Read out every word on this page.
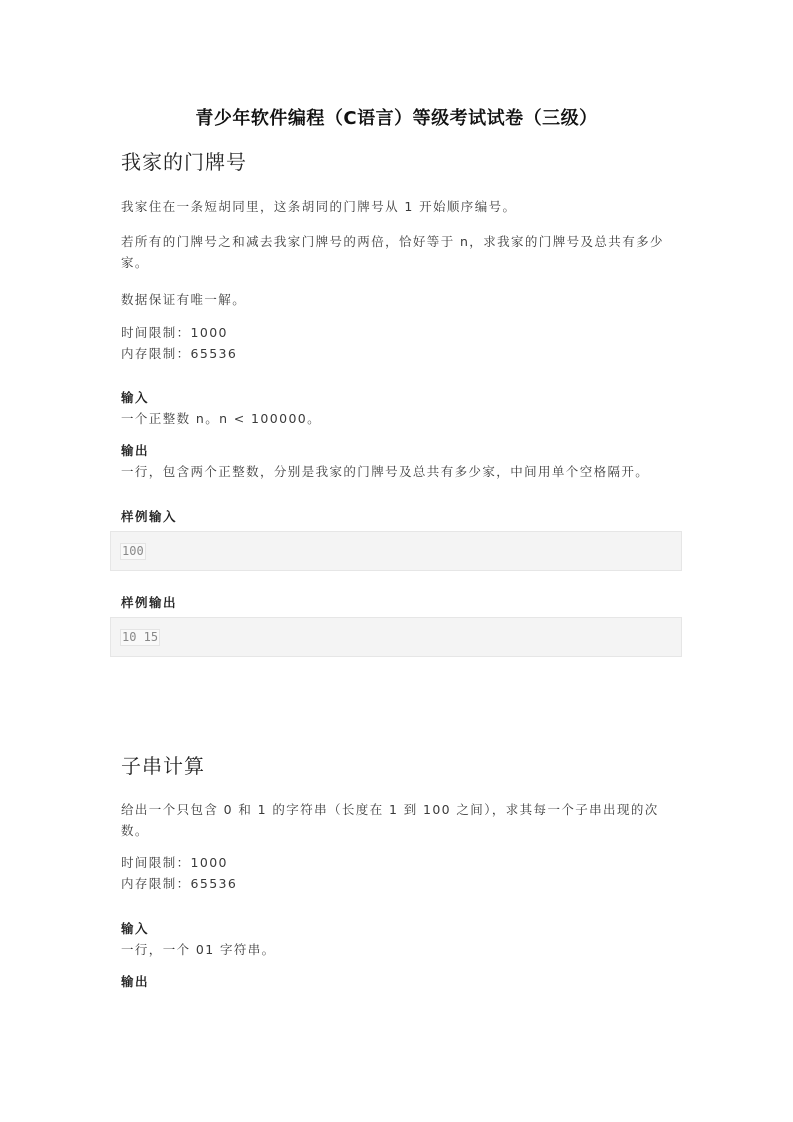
青少年软件编程（C语言）等级考试试卷（三级）
我家的门牌号
我家住在一条短胡同里，这条胡同的门牌号从 1 开始顺序编号。
若所有的门牌号之和减去我家门牌号的两倍，恰好等于 n，求我家的门牌号及总共有多少家。
数据保证有唯一解。
时间限制：1000
内存限制：65536
输入
一个正整数 n。n < 100000。
输出
一行，包含两个正整数，分别是我家的门牌号及总共有多少家，中间用单个空格隔开。
样例输入
100
样例输出
10 15
子串计算
给出一个只包含 0 和 1 的字符串（长度在 1 到 100 之间），求其每一个子串出现的次数。
时间限制：1000
内存限制：65536
输入
一行，一个 01 字符串。
输出
